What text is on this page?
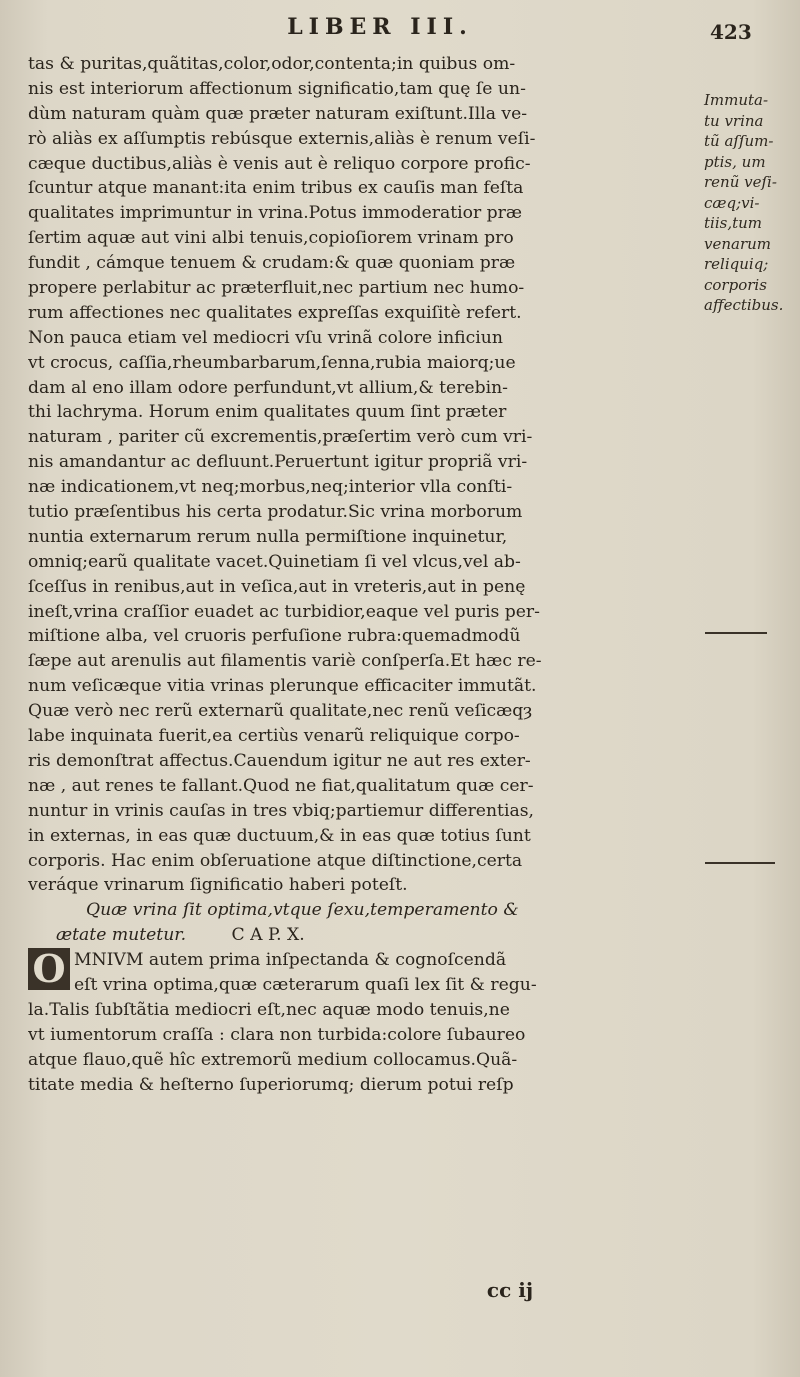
LIBER III.	423
tas & puritas,quãtitas,color,odor,contenta;in quibus om-
nis est interiorum affectionum significatio,tam quę ſe un-
dùm naturam quàm quæ præter naturam exiſtunt.Illa ve-
rò aliàs ex aſſumptis rebúsque externis,aliàs è renum veſi-
cæque ductibus,aliàs è venis aut è reliquo corpore profic-
ſcuntur atque manant:ita enim tribus ex cauſis man feſta
qualitates imprimuntur in vrina.Potus immoderatior præ
ſertim aquæ aut vini albi tenuis,copioſiorem vrinam pro
fundit , cámque tenuem & crudam:& quæ quoniam præ
propere perlabitur ac præterfluit,nec partium nec humo-
rum affectiones nec qualitates expreſſas exquiſitè refert.
Non pauca etiam vel mediocri vſu vrinã colore inficiun
vt crocus, caſſia,rheumbarbarum,ſenna,rubia maiorq;ue
dam al eno illam odore perfundunt,vt allium,& terebin-
thi lachryma. Horum enim qualitates quum ſint præter
naturam , pariter cũ excrementis,præſertim verò cum vri-
nis amandantur ac defluunt.Peruertunt igitur propriã vri-
næ indicationem,vt neq;morbus,neq;interior vlla conſti-
tutio præſentibus his certa prodatur.Sic vrina morborum
nuntia externarum rerum nulla permiſtione inquinetur,
omniq;earũ qualitate vacet.Quinetiam ſi vel vlcus,vel ab-
ſceſſus in renibus,aut in veſica,aut in vreteris,aut in penę
ineſt,vrina craſſior euadet ac turbidior,eaque vel puris per-
miſtione alba, vel cruoris perfuſione rubra:quemadmodũ
ſæpe aut arenulis aut filamentis variè conſperſa.Et hæc re-
num veſicæque vitia vrinas plerunque efficaciter immutãt.
Quæ verò nec rerũ externarũ qualitate,nec renũ veſicæqȝ
labe inquinata fuerit,ea certiùs venarũ reliquique corpo-
ris demonſtrat affectus.Cauendum igitur ne aut res exter-
næ , aut renes te fallant.Quod ne fiat,qualitatum quæ cer-
nuntur in vrinis cauſas in tres vbiq;partiemur differentias,
in externas, in eas quæ ductuum,& in eas quæ totius ſunt
corporis. Hac enim obſeruatione atque diſtinctione,certa
veráque vrinarum ſignificatio haberi poteſt.
Quæ vrina ſit optima,vtque ſexu,temperamento &
ætate mutetur.	C A P. X.
O MNIVM autem prima inſpectanda & cognoſcendã
eſt vrina optima,quæ cæterarum quaſi lex ſit & regu-
la.Talis ſubſtãtia mediocri eſt,nec aquæ modo tenuis,ne
vt iumentorum craſſa : clara non turbida:colore ſubaureo
atque flauo,quẽ hîc extremorũ medium collocamus.Quã-
titate media & heſterno ſuperiorumq; dierum potui reſp
Immuta-
tu vrina
tũ aſſum-
ptis, um
renũ veſi-
cæq;vi-
tiis,tum
venarum
reliquiq;
corporis
affectibus.
cc ij
